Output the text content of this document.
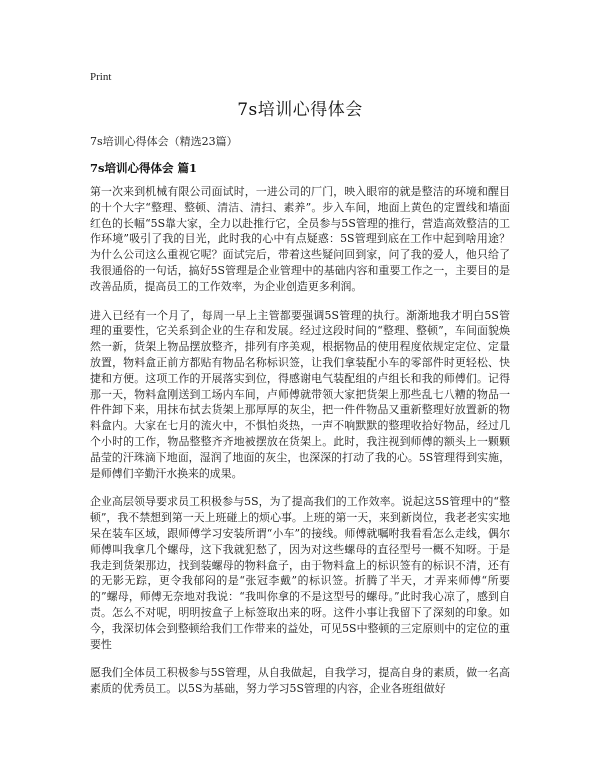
Print
7s培训心得体会
7s培训心得体会（精选23篇）
7s培训心得体会 篇1

第一次来到机械有限公司面试时，一进公司的厂门，映入眼帘的就是整洁的环境和醒目的十个大字“整理、整顿、清洁、清扫、素养”。步入车间，地面上黄色的定置线和墙面红色的长幅“5S靠大家，全力以赴推行它，全员参与5S管理的推行，营造高效整洁的工作环境”吸引了我的目光，此时我的心中有点疑惑：5S管理到底在工作中起到啥用途？为什么公司这么重视它呢？面试完后，带着这些疑问回到家，问了我的爱人，他只给了我很通俗的一句话，搞好5S管理是企业管理中的基础内容和重要工作之一，主要目的是改善品质，提高员工的工作效率，为企业创造更多利润。

进入已经有一个月了，每周一早上主管都要强调5S管理的执行。渐渐地我才明白5S管理的重要性，它关系到企业的生存和发展。经过这段时间的“整理、整顿”，车间面貌焕然一新，货架上物品摆放整齐，排列有序美观，根据物品的使用程度依规定定位、定量放置，物料盒正前方都贴有物品名称标识签，让我们拿装配小车的零部件时更轻松、快捷和方便。这项工作的开展落实到位，得感谢电气装配组的卢组长和我的师傅们。记得那一天，物料盒刚送到工场内车间，卢师傅就带领大家把货架上那些乱七八糟的物品一件件卸下来，用抹布拭去货架上那厚厚的灰尘，把一件件物品又重新整理好放置新的物料盒内。大家在七月的流火中，不惧怕炎热，一声不响默默的整理收拾好物品，经过几个小时的工作，物品整整齐齐地被摆放在货架上。此时，我注视到师傅的额头上一颗颗晶莹的汗珠滴下地面，湿润了地面的灰尘，也深深的打动了我的心。5S管理得到实施，是师傅们辛勤汗水换来的成果。

企业高层领导要求员工积极参与5S，为了提高我们的工作效率。说起这5S管理中的“整顿”，我不禁想到第一天上班碰上的烦心事。上班的第一天，来到新岗位，我老老实实地呆在装车区域，跟师傅学习安装所谓“小车”的接线。师傅就嘱咐我看看怎么走线，偶尔师傅叫我拿几个螺母，这下我就犯愁了，因为对这些螺母的直径型号一概不知呀。于是我走到货架那边，找到装螺母的物料盒子，由于物料盒上的标识签有的标识不清，还有的无影无踪，更令我郁闷的是“张冠李戴”的标识签。折腾了半天，才弄来师傅“所要的”螺母，师傅无奈地对我说：“我叫你拿的不是这型号的螺母。”此时我心凉了，感到自责。怎么不对呢，明明按盒子上标签取出来的呀。这件小事让我留下了深刻的印象。如今，我深切体会到整顿给我们工作带来的益处，可见5S中整顿的三定原则中的定位的重要性

愿我们全体员工积极参与5S管理，从自我做起，自我学习，提高自身的素质，做一名高素质的优秀员工。以5S为基础，努力学习5S管理的内容，企业各班组做好
